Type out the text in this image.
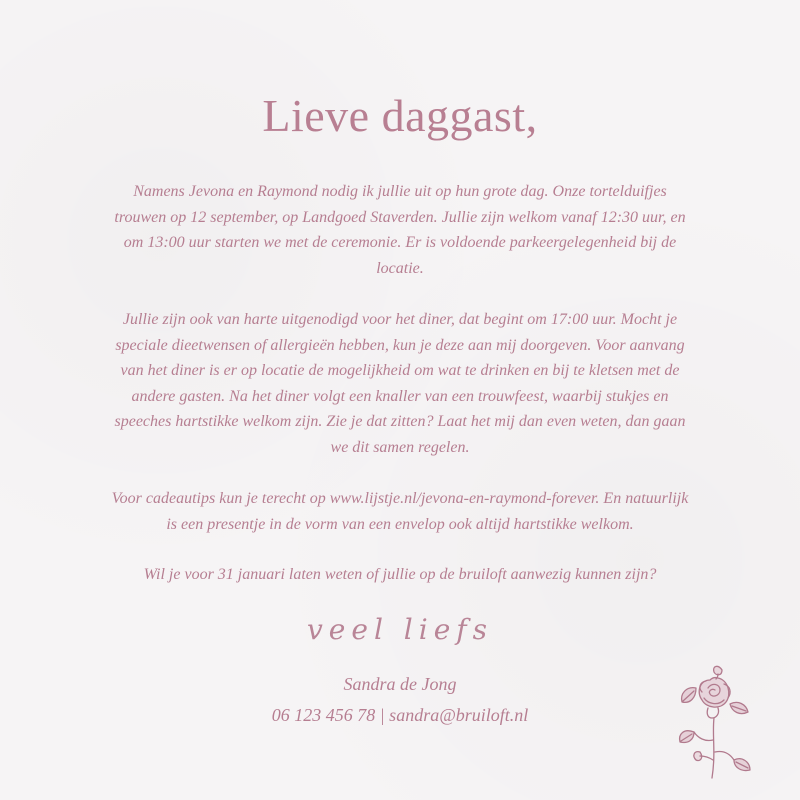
Lieve daggast,

Namens Jevona en Raymond nodig ik jullie uit op hun grote dag. Onze tortelduifjes trouwen op 12 september, op Landgoed Staverden. Jullie zijn welkom vanaf 12:30 uur, en om 13:00 uur starten we met de ceremonie. Er is voldoende parkeergelegenheid bij de locatie.

Jullie zijn ook van harte uitgenodigd voor het diner, dat begint om 17:00 uur. Mocht je speciale dieetwensen of allergieën hebben, kun je deze aan mij doorgeven. Voor aanvang van het diner is er op locatie de mogelijkheid om wat te drinken en bij te kletsen met de andere gasten. Na het diner volgt een knaller van een trouwfeest, waarbij stukjes en speeches hartstikke welkom zijn. Zie je dat zitten? Laat het mij dan even weten, dan gaan we dit samen regelen.

Voor cadeautips kun je terecht op www.lijstje.nl/jevona-en-raymond-forever. En natuurlijk is een presentje in de vorm van een envelop ook altijd hartstikke welkom.

Wil je voor 31 januari laten weten of jullie op de bruiloft aanwezig kunnen zijn?

veel liefs
Sandra de Jong
06 123 456 78 | sandra@bruiloft.nl
